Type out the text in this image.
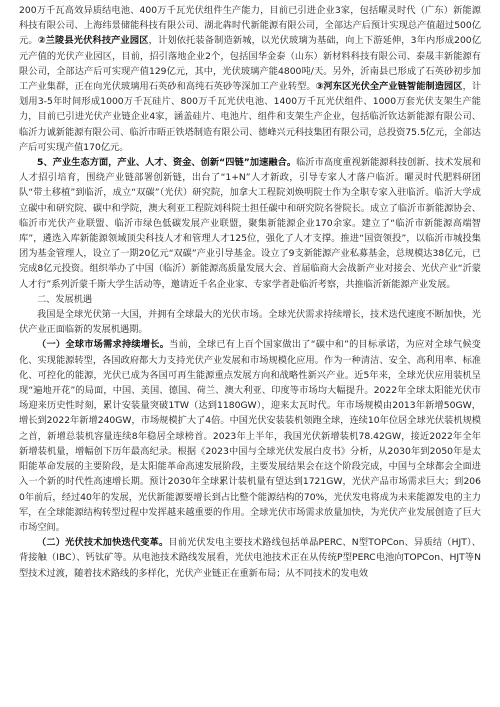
200万千瓦高效异质结电池、400万千瓦光伏组件生产能力，目前已引进企业3家，包括曜灵时代（广东）新能源科技有限公司、上海纬景储能科技有限公司、湖北犇时代新能源有限公司，全部达产后预计实现总产值超过500亿元。②兰陵县光伏科技产业园区，计划依托装备制造新城，以光伏玻璃为基础，向上下游延伸，3年内形成200亿元产值的光伏产业园区，目前，招引落地企业2个，包括国华金泰（山东）新材料科技有限公司、泰晟丰新能源有限公司，全部达产后可实现产值129亿元，其中，光伏玻璃产能4800吨/天。另外，沂南县已形成了石英砂初步加工产业集群，正在向光伏玻璃用石英砂和高纯石英砂等深加工产业转型。③河东区光伏全产业链智能制造园区，计划用3-5年时间形成1000万千瓦硅片、800万千瓦光伏电池、1400万千瓦光伏组件、1000万套光伏支架生产能力，目前已引进光伏产业链企业4家，涵盖硅片、电池片、组件和支架生产企业，包括临沂钦达新能源有限公司、临沂力诚新能源有限公司、临沂市晤正铁塔制造有限公司、德峰兴元科技集团有限公司，总投资75.5亿元，全部达产后可实现产值170亿元。

5、产业生态方面，产业、人才、资金、创新“四链”加速融合。临沂市高度重视新能源科技创新、技术发展和人才招引培育，围绕产业链部署创新链，出台了“1+N”人才新政，引导专家人才落户临沂。曜灵时代肥料研团队“带土移植”到临沂，成立“双碳”（光伏）研究院，加拿大工程院刘焕明院士作为全职专家入驻临沂。临沂大学成立碳中和研究院、碳中和学院，澳大利亚工程院刘科院士担任碳中和研究院名誉院长。成立了临沂市新能源协会、临沂市光伏产业联盟、临沂市绿色低碳发展产业联盟，聚集新能源企业170余家。建立了“临沂市新能源高端智库”，遴选入库新能源领域顶尖科技人才和管理人才125位，强化了人才支撑。推进“国资领投”，以临沂市城投集团为基金管理人，设立了一期20亿元“双碳”产业引导基金。设立了9支新能源产业私募基金，总规模达38亿元，已完成8亿元投资。组织举办了中国（临沂）新能源高质量发展大会、首届临商大会战新产业对接会、光伏产业“沂蒙人才行”系列沂蒙千斯大学生活动等，邀请近千名企业家、专家学者赴临沂考察，共推临沂新能源产业发展。

二、发展机遇

我国是全球光伏第一大国，并拥有全球最大的光伏市场。全球光伏需求持续增长，技术迭代速度不断加快，光伏产业正面临新的发展机遇期。

（一）全球市场需求持续增长。当前，全球已有上百个国家做出了“碳中和”的目标承诺，为应对全球气候变化、实现能源转型，各国政府都大力支持光伏产业发展和市场规模化应用。作为一种清洁、安全、高利用率、标准化、可控化的能源，光伏已成为各国可再生能源重点发展方向和战略性新兴产业。近5年来，全球光伏应用装机呈现“遍地开花”的局面，中国、美国、德国、荷兰、澳大利亚、印度等市场均大幅提升。2022年全球太阳能光伏市场迎来历史性时刻，累计安装量突破1TW（达到1180GW），迎来太瓦时代。年市场规模由2013年新增50GW，增长到2022年新增240GW，市场规模扩大了4倍。中国光伏安装装机领跑全球，连续10年位居全球光伏装机规模之首，新增总装机容量连续8年稳居全球榜首。2023年上半年，我国光伏新增装机78.42GW，接近2022年全年新增装机量，增幅创下历年最高纪录。根据《2023中国与全球光伏发展白皮书》分析，从2030年到2050年是太阳能革命发展的主要阶段，是太阳能革命高速发展阶段，主要发展结果会在这个阶段完成，中国与全球都会全面进入一个新的时代性高速增长期。预计2030年全球累计装机量有望达到1721GW，光伏产品市场需求巨大；到2060年前后，经过40年的发展，光伏新能源要增长到占比整个能源结构的70%，光伏发电将成为未来能源发电的主力军，在全球能源结构转型过程中发挥越来越重要的作用。全球光伏市场需求放量加快，为光伏产业发展创造了巨大市场空间。

（二）光伏技术加快迭代变革。目前光伏发电主要技术路线包括单晶PERC、N型TOPCon、异质结（HJT）、背接触（IBC）、钙钛矿等。从电池技术路线发展看，光伏电池技术正在从传统P型PERC电池向TOPCon、HJT等N型技术过渡，随着技术路线的多样化，光伏产业链正在重新布局；从不同技术的发电效
